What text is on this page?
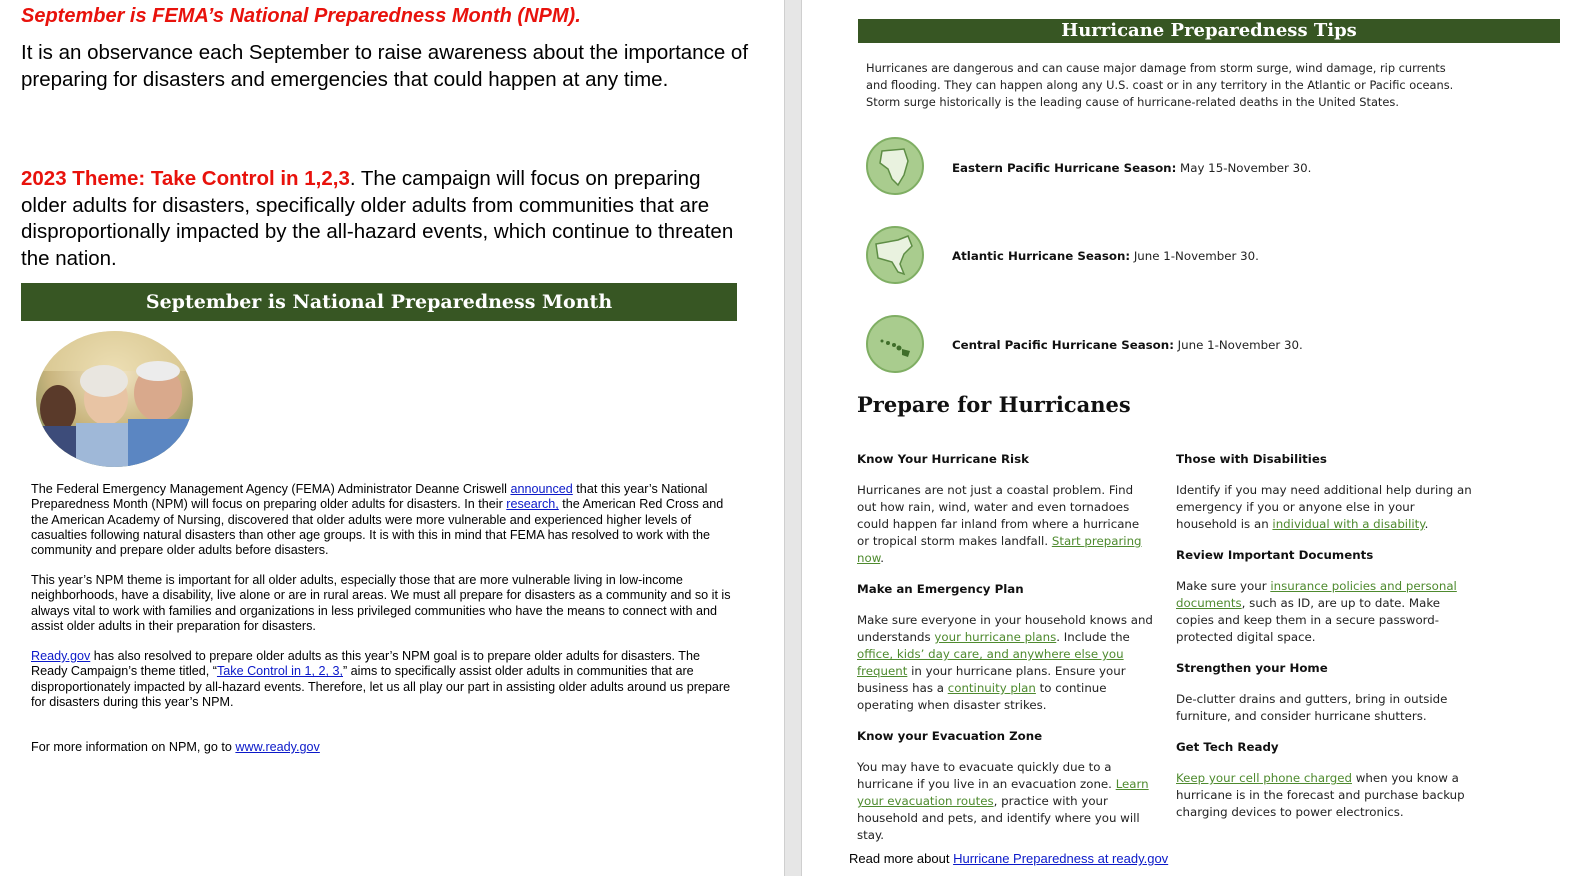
September is FEMA’s National Preparedness Month (NPM).
It is an observance each September to raise awareness about the importance of preparing for disasters and emergencies that could happen at any time.
2023 Theme: Take Control in 1,2,3. The campaign will focus on preparing older adults for disasters, specifically older adults from communities that are disproportionally impacted by the all-hazard events, which continue to threaten the nation.
September is National Preparedness Month
The Federal Emergency Management Agency (FEMA) Administrator Deanne Criswell announced that this year’s National Preparedness Month (NPM) will focus on preparing older adults for disasters. In their research, the American Red Cross and the American Academy of Nursing, discovered that older adults were more vulnerable and experienced higher levels of casualties following natural disasters than other age groups. It is with this in mind that FEMA has resolved to work with the community and prepare older adults before disasters.
This year’s NPM theme is important for all older adults, especially those that are more vulnerable living in low-income neighborhoods, have a disability, live alone or are in rural areas. We must all prepare for disasters as a community and so it is always vital to work with families and organizations in less privileged communities who have the means to connect with and assist older adults in their preparation for disasters.
Ready.gov has also resolved to prepare older adults as this year’s NPM goal is to prepare older adults for disasters. The Ready Campaign’s theme titled, “Take Control in 1, 2, 3,” aims to specifically assist older adults in communities that are disproportionately impacted by all-hazard events. Therefore, let us all play our part in assisting older adults around us prepare for disasters during this year’s NPM.
For more information on NPM, go to www.ready.gov
Hurricane Preparedness Tips
Hurricanes are dangerous and can cause major damage from storm surge, wind damage, rip currents and flooding. They can happen along any U.S. coast or in any territory in the Atlantic or Pacific oceans. Storm surge historically is the leading cause of hurricane-related deaths in the United States.
Eastern Pacific Hurricane Season: May 15-November 30.
Atlantic Hurricane Season: June 1-November 30.
Central Pacific Hurricane Season: June 1-November 30.
Prepare for Hurricanes
Know Your Hurricane Risk
Hurricanes are not just a coastal problem. Find out how rain, wind, water and even tornadoes could happen far inland from where a hurricane or tropical storm makes landfall. Start preparing now.
Make an Emergency Plan
Make sure everyone in your household knows and understands your hurricane plans. Include the office, kids’ day care, and anywhere else you frequent in your hurricane plans. Ensure your business has a continuity plan to continue operating when disaster strikes.
Know your Evacuation Zone
You may have to evacuate quickly due to a hurricane if you live in an evacuation zone. Learn your evacuation routes, practice with your household and pets, and identify where you will stay.
Those with Disabilities
Identify if you may need additional help during an emergency if you or anyone else in your household is an individual with a disability.
Review Important Documents
Make sure your insurance policies and personal documents, such as ID, are up to date. Make copies and keep them in a secure password-protected digital space.
Strengthen your Home
De-clutter drains and gutters, bring in outside furniture, and consider hurricane shutters.
Get Tech Ready
Keep your cell phone charged when you know a hurricane is in the forecast and purchase backup charging devices to power electronics.
Read more about Hurricane Preparedness at ready.gov
